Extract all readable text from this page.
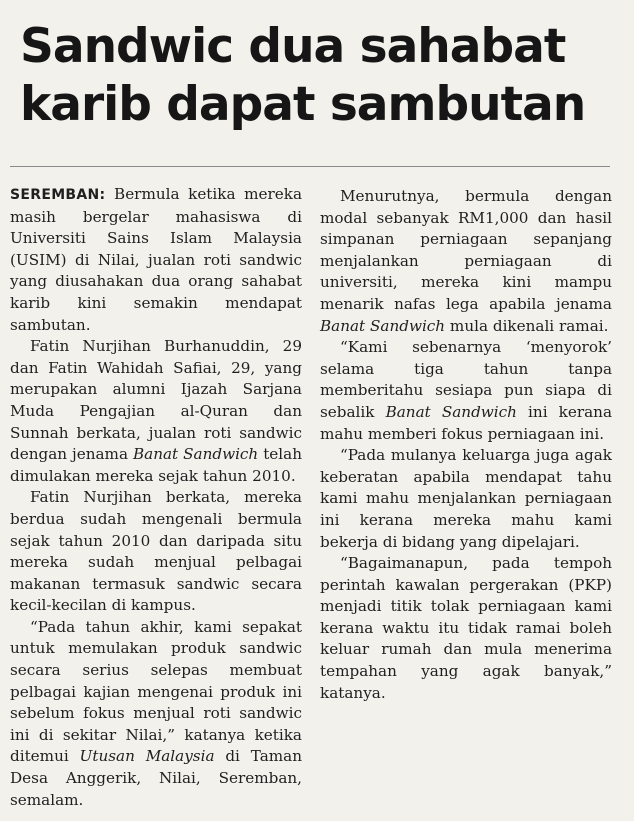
Sandwic dua sahabat
karib dapat sambutan

SEREMBAN: Bermula ketika mereka masih bergelar mahasiswa di Universiti Sains Islam Malaysia (USIM) di Nilai, jualan roti sandwic yang diusahakan dua orang sahabat karib kini semakin mendapat sambutan.

Fatin Nurjihan Burhanuddin, 29 dan Fatin Wahidah Safiai, 29, yang merupakan alumni Ijazah Sarjana Muda Pengajian al-Quran dan Sunnah berkata, jualan roti sandwic dengan jenama Banat Sandwich telah dimulakan mereka sejak tahun 2010.

Fatin Nurjihan berkata, mereka berdua sudah mengenali bermula sejak tahun 2010 dan daripada situ mereka sudah menjual pelbagai makanan termasuk sandwic secara kecil-kecilan di kampus.

“Pada tahun akhir, kami sepakat untuk memulakan produk sandwic secara serius selepas membuat pelbagai kajian mengenai produk ini sebelum fokus menjual roti sandwic ini di sekitar Nilai,” katanya ketika ditemui Utusan Malaysia di Taman Desa Anggerik, Nilai, Seremban, semalam.

Menurutnya, bermula dengan modal sebanyak RM1,000 dan hasil simpanan perniagaan sepanjang menjalankan perniagaan di universiti, mereka kini mampu menarik nafas lega apabila jenama Banat Sandwich mula dikenali ramai.

“Kami sebenarnya ‘menyorok’ selama tiga tahun tanpa memberitahu sesiapa pun siapa di sebalik Banat Sandwich ini kerana mahu memberi fokus perniagaan ini.

“Pada mulanya keluarga juga agak keberatan apabila mendapat tahu kami mahu menjalankan perniagaan ini kerana mereka mahu kami bekerja di bidang yang dipelajari.

“Bagaimanapun, pada tempoh perintah kawalan pergerakan (PKP) menjadi titik tolak perniagaan kami kerana waktu itu tidak ramai boleh keluar rumah dan mula menerima tempahan yang agak banyak,” katanya.
